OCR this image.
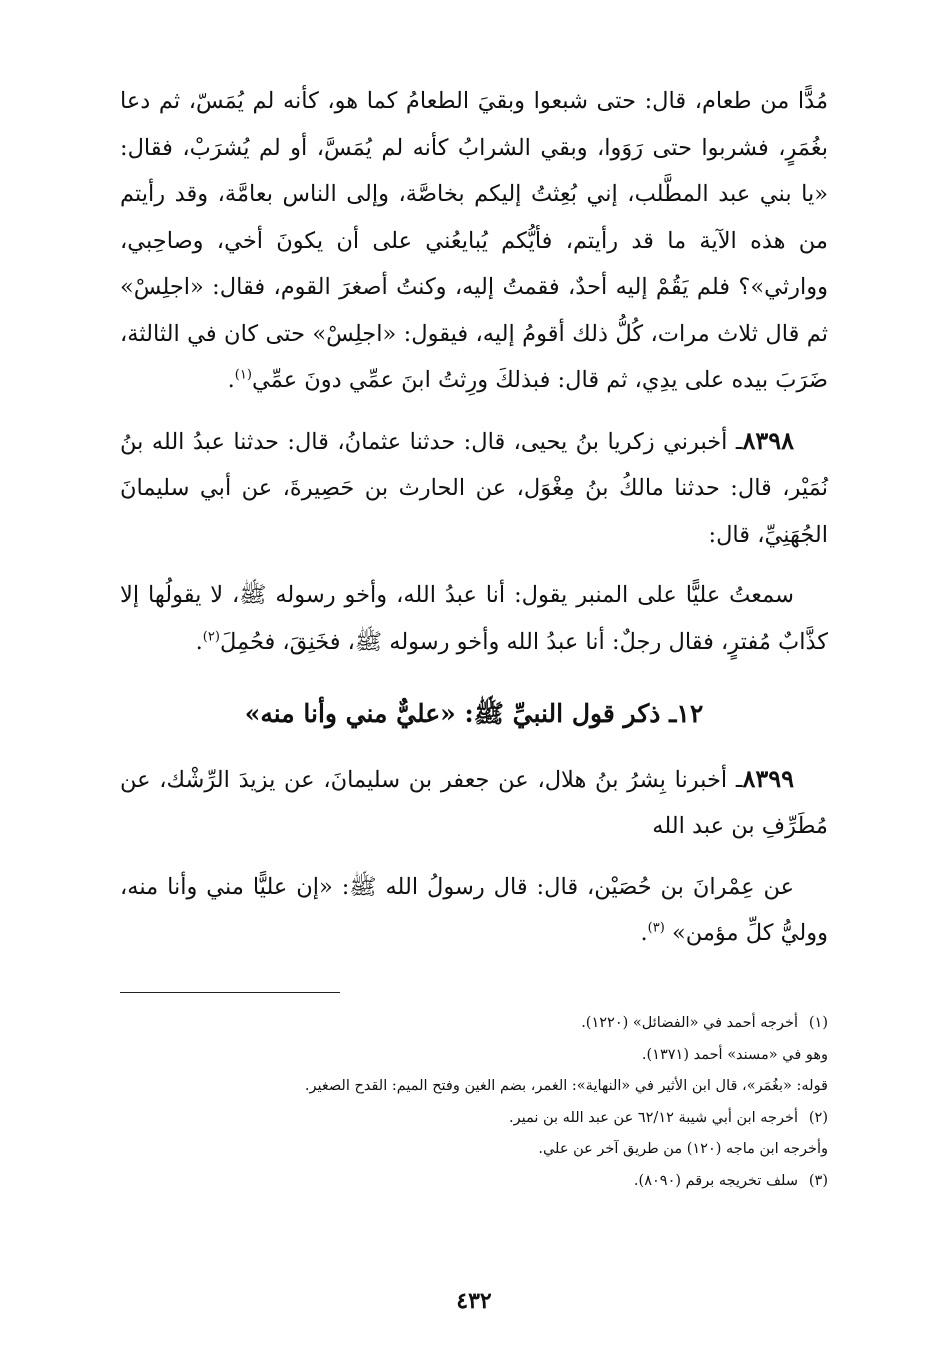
مُدًّا من طعام، قال: حتى شبعوا وبقيَ الطعامُ كما هو، كأنه لم يُمَسّ، ثم دعا بغُمَرٍ، فشربوا حتى رَوَوا، وبقي الشرابُ كأنه لم يُمَسَّ، أو لم يُشرَبْ، فقال: «يا بني عبد المطَّلب، إني بُعِثتُ إليكم بخاصَّة، وإلى الناس بعامَّة، وقد رأيتم من هذه الآية ما قد رأيتم، فأيُّكم يُبايعُني على أن يكونَ أخي، وصاحِبي، ووارثي»؟ فلم يَقُمْ إليه أحدٌ، فقمتُ إليه، وكنتُ أصغرَ القوم، فقال: «اجلِسْ» ثم قال ثلاث مرات، كُلُّ ذلك أقومُ إليه، فيقول: «اجلِسْ» حتى كان في الثالثة، ضَرَبَ بيده على يدِي، ثم قال: فبذلكَ ورِثتُ ابنَ عمِّي دونَ عمِّي$^{(١)}$.

٨٣٩٨ـ أخبرني زكريا بنُ يحيى، قال: حدثنا عثمانُ، قال: حدثنا عبدُ الله بنُ نُمَيْر، قال: حدثنا مالكُ بنُ مِغْوَل، عن الحارث بن حَصِيرةَ، عن أبي سليمانَ الجُهَنِيِّ، قال:

سمعتُ عليًّا على المنبر يقول: أنا عبدُ الله، وأخو رسوله ﷺ، لا يقولُها إلا كذَّابٌ مُفترٍ، فقال رجلٌ: أنا عبدُ الله وأخو رسوله ﷺ، فخَنِقَ، فحُمِلَ$^{(٢)}$.

١٢ـ ذكر قول النبيِّ ﷺ: «عليٌّ مني وأنا منه»

٨٣٩٩ـ أخبرنا بِشرُ بنُ هلال، عن جعفر بن سليمانَ، عن يزيدَ الرِّشْك، عن مُطَرِّفِ بن عبد الله

عن عِمْرانَ بن حُصَيْن، قال: قال رسولُ الله ﷺ: «إن عليًّا مني وأنا منه، ووليُّ كلِّ مؤمن» $^{(٣)}$.

(١)أخرجه أحمد في «الفضائل» (١٢٢٠).

وهو في «مسند» أحمد (١٣٧١).

قوله: «بغُمَر»، قال ابن الأثير في «النهاية»: الغمر، بضم الغين وفتح الميم: القدح الصغير.

(٢)أخرجه ابن أبي شيبة ٦٢/١٢ عن عبد الله بن نمير.

وأخرجه ابن ماجه (١٢٠) من طريق آخر عن علي.

(٣)سلف تخريجه برقم (٨٠٩٠).

٤٣٢
